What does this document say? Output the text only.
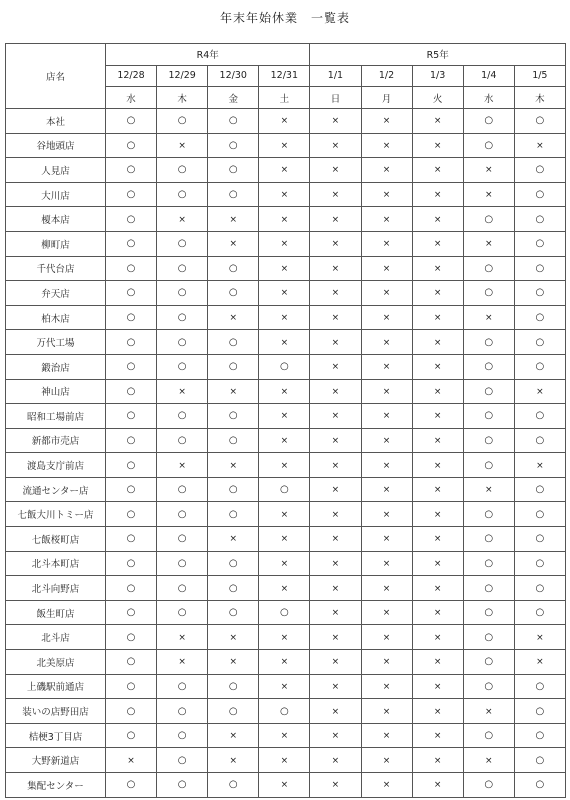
年末年始休業　一覧表
店名	R4年				R5年				
	12/28	12/29	12/30	12/31	1/1	1/2	1/3	1/4	1/5
	水	木	金	土	日	月	火	水	木
本社	○	○	○	×	×	×	×	○	○
谷地頭店	○	×	○	×	×	×	×	○	×
人見店	○	○	○	×	×	×	×	×	○
大川店	○	○	○	×	×	×	×	×	○
榎本店	○	×	×	×	×	×	×	○	○
柳町店	○	○	×	×	×	×	×	×	○
千代台店	○	○	○	×	×	×	×	○	○
弁天店	○	○	○	×	×	×	×	○	○
柏木店	○	○	×	×	×	×	×	×	○
万代工場	○	○	○	×	×	×	×	○	○
鍛治店	○	○	○	○	×	×	×	○	○
神山店	○	×	×	×	×	×	×	○	×
昭和工場前店	○	○	○	×	×	×	×	○	○
新都市売店	○	○	○	×	×	×	×	○	○
渡島支庁前店	○	×	×	×	×	×	×	○	×
流通センター店	○	○	○	○	×	×	×	×	○
七飯大川トミー店	○	○	○	×	×	×	×	○	○
七飯桜町店	○	○	×	×	×	×	×	○	○
北斗本町店	○	○	○	×	×	×	×	○	○
北斗向野店	○	○	○	×	×	×	×	○	○
飯生町店	○	○	○	○	×	×	×	○	○
北斗店	○	×	×	×	×	×	×	○	×
北美原店	○	×	×	×	×	×	×	○	×
上磯駅前通店	○	○	○	×	×	×	×	○	○
装いの店野田店	○	○	○	○	×	×	×	×	○
桔梗3丁目店	○	○	×	×	×	×	×	○	○
大野新道店	×	○	×	×	×	×	×	×	○
集配センター	○	○	○	×	×	×	×	○	○
